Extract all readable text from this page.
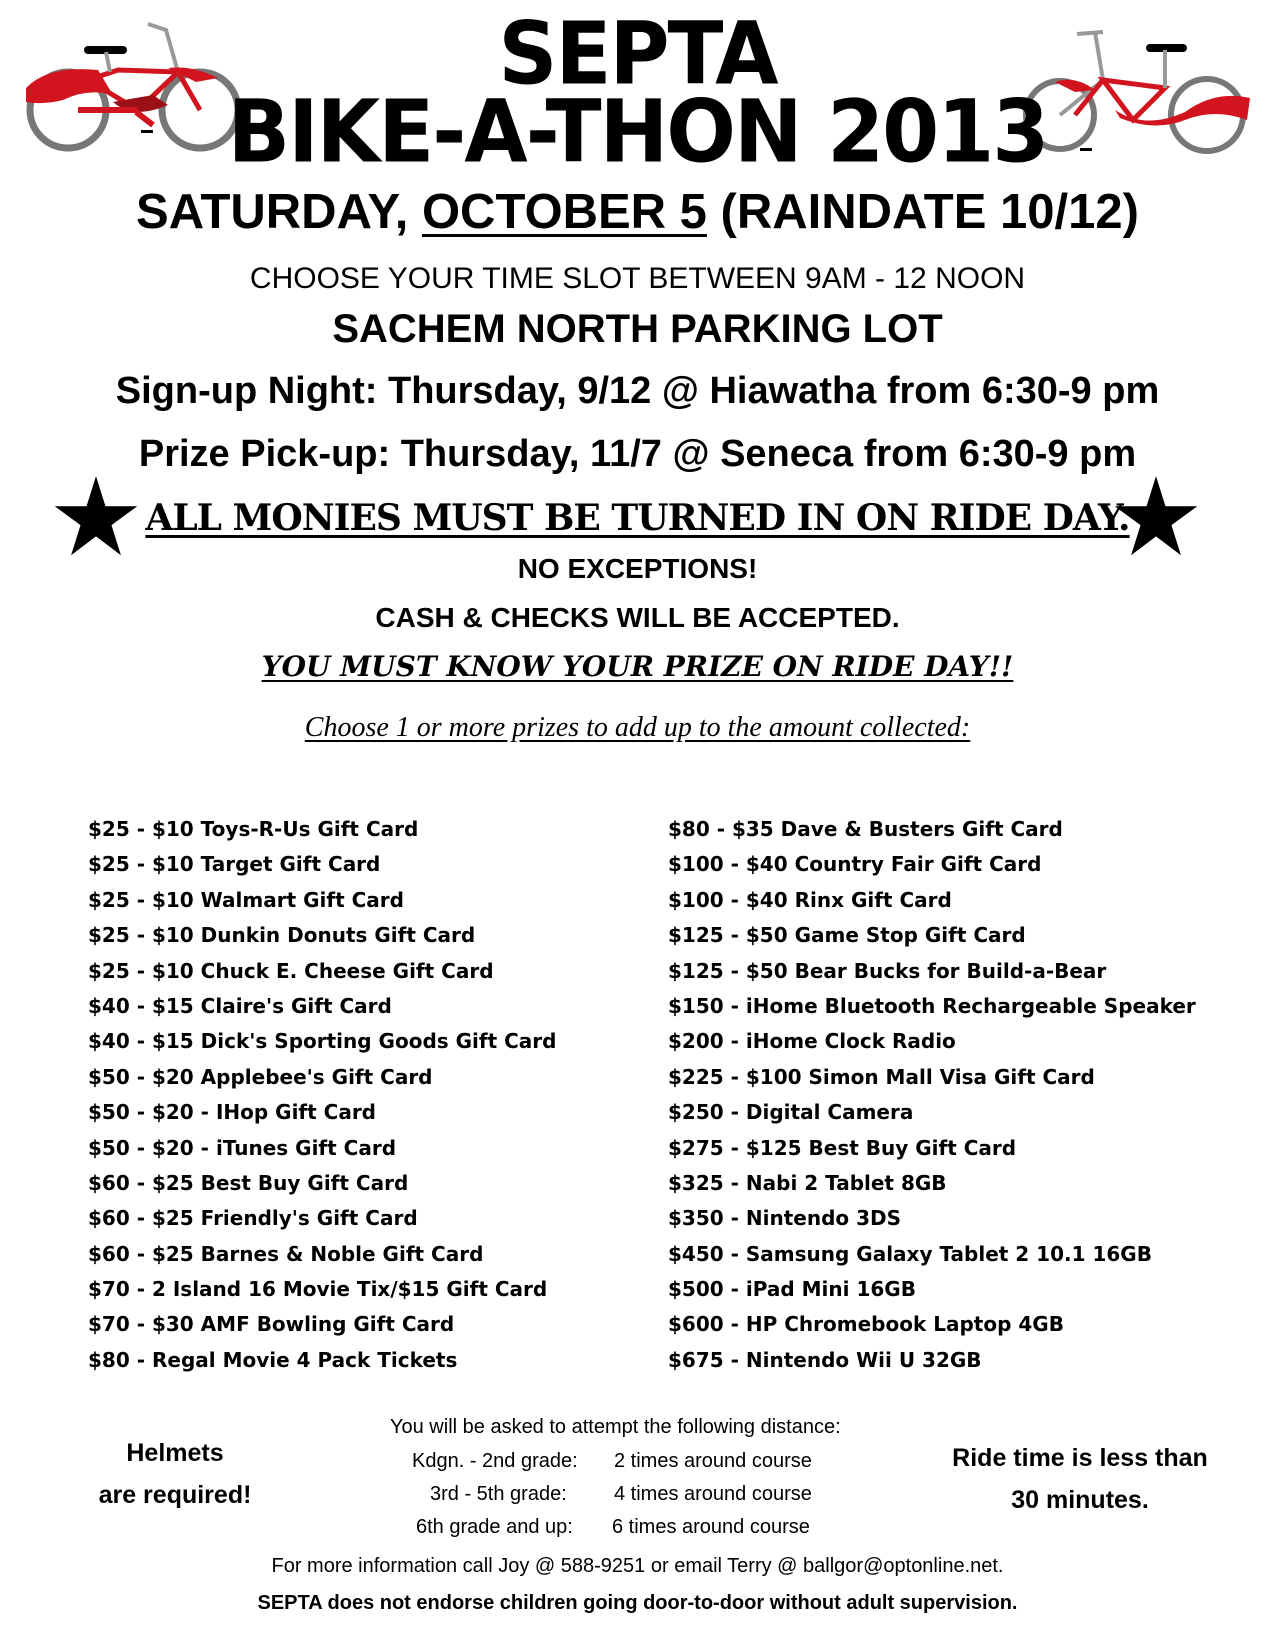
SEPTA
BIKE-A-THON 2013
SATURDAY, OCTOBER 5 (RAINDATE 10/12)
CHOOSE YOUR TIME SLOT BETWEEN 9AM - 12 NOON
SACHEM NORTH PARKING LOT
Sign-up Night: Thursday, 9/12 @ Hiawatha from 6:30-9 pm
Prize Pick-up: Thursday, 11/7 @ Seneca from 6:30-9 pm
ALL MONIES MUST BE TURNED IN ON RIDE DAY.
NO EXCEPTIONS!
CASH & CHECKS WILL BE ACCEPTED.
YOU MUST KNOW YOUR PRIZE ON RIDE DAY!!
Choose 1 or more prizes to add up to the amount collected:
$25 - $10 Toys-R-Us Gift Card
$25 - $10 Target Gift Card
$25 - $10 Walmart Gift Card
$25 - $10 Dunkin Donuts Gift Card
$25 - $10 Chuck E. Cheese Gift Card
$40 - $15 Claire's Gift Card
$40 - $15 Dick's Sporting Goods Gift Card
$50 - $20 Applebee's Gift Card
$50 - $20 - IHop Gift Card
$50 - $20 - iTunes Gift Card
$60 - $25 Best Buy Gift Card
$60 - $25 Friendly's Gift Card
$60 - $25 Barnes & Noble Gift Card
$70 - 2 Island 16 Movie Tix/$15 Gift Card
$70 - $30 AMF Bowling Gift Card
$80 - Regal Movie 4 Pack Tickets
$80 - $35 Dave & Busters Gift Card
$100 - $40 Country Fair Gift Card
$100 - $40 Rinx Gift Card
$125 - $50 Game Stop Gift Card
$125 - $50 Bear Bucks for Build-a-Bear
$150 - iHome Bluetooth Rechargeable Speaker
$200 - iHome Clock Radio
$225 - $100 Simon Mall Visa Gift Card
$250 - Digital Camera
$275 - $125 Best Buy Gift Card
$325 - Nabi 2 Tablet 8GB
$350 - Nintendo 3DS
$450 - Samsung Galaxy Tablet 2 10.1 16GB
$500 - iPad Mini 16GB
$600 - HP Chromebook Laptop 4GB
$675 - Nintendo Wii U 32GB
Helmets
are required!
You will be asked to attempt the following distance:
Kdgn. - 2nd grade: 2 times around course
3rd - 5th grade: 4 times around course
6th grade and up: 6 times around course
Ride time is less than
30 minutes.
For more information call Joy @ 588-9251 or email Terry @ ballgor@optonline.net.
SEPTA does not endorse children going door-to-door without adult supervision.
